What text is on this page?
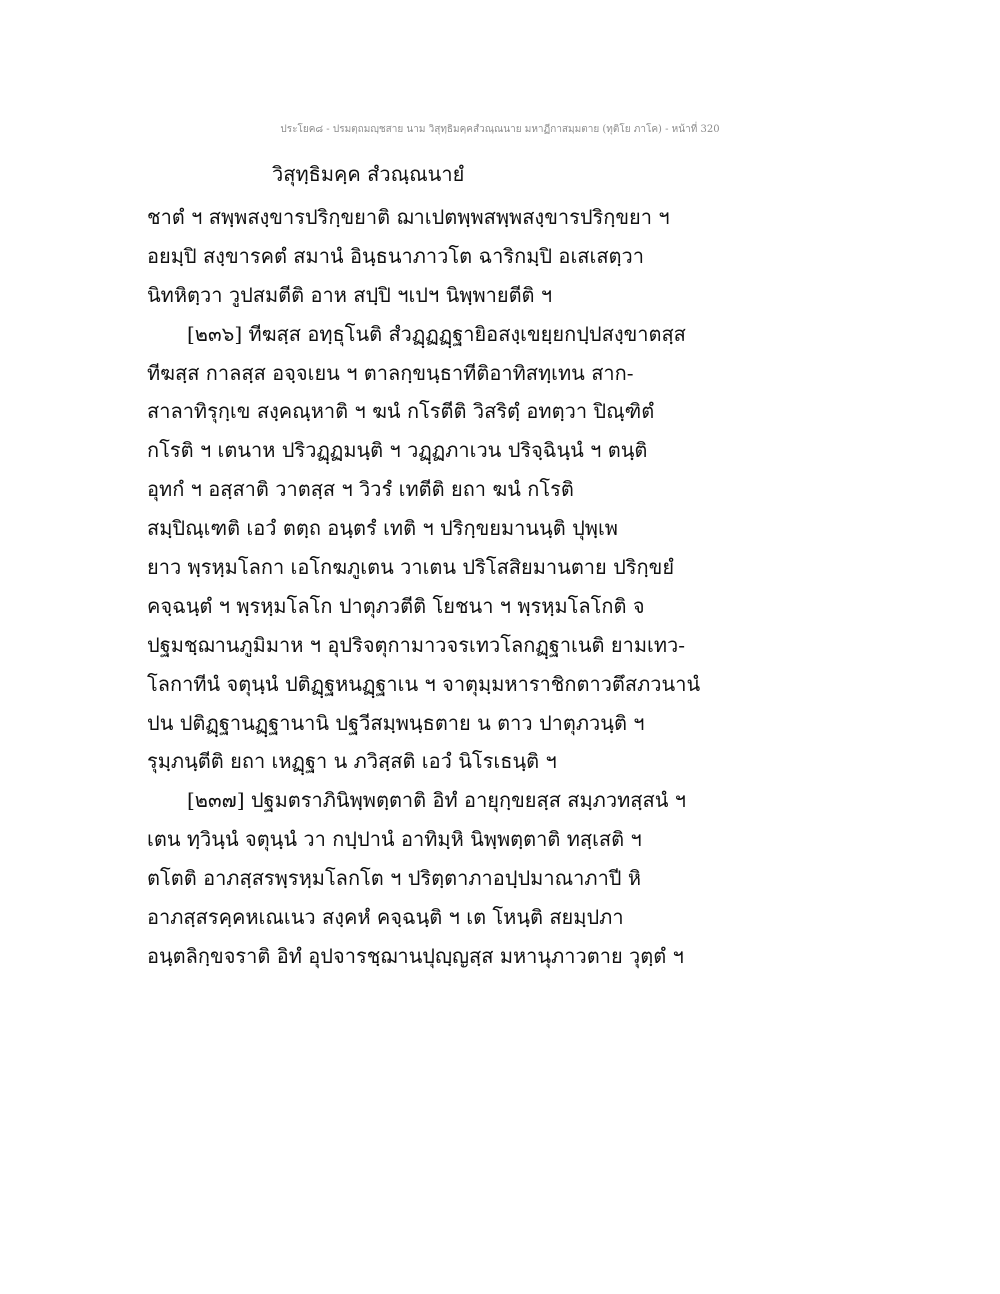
ประโยค๘ - ปรมตฺถมญฺชสาย นาม วิสุทฺธิมคฺคสํวณฺณนาย มหาฏีกาสมฺมตาย (ทุติโย ภาโค) - หน้าที่ 320
วิสุทฺธิมคฺค สํวณฺณนายํ
ชาตํ ฯ สพฺพสงฺขารปริกฺขยาติ ฌาเปตพฺพสพฺพสงฺขารปริกฺขยา ฯ
อยมฺปิ สงฺขารคตํ สมานํ อินฺธนาภาวโต ฉาริกมฺปิ อเสเสตฺวา
นิทหิตฺวา วูปสมตีติ อาห สปฺปิ ฯเปฯ นิพฺพายตีติ ฯ
[๒๓๖] ทีฆสฺส อทฺธุโนติ สํวฏฺฏฏฺฐายิอสงฺเขยฺยกปฺปสงฺขาตสฺส
ทีฆสฺส กาลสฺส อจฺจเยน ฯ ตาลกฺขนฺธาทีติอาทิสทฺเทน สาก-
สาลาทิรุกฺเข สงฺคณฺหาติ ฯ ฆนํ กโรตีติ วิสริตฺํ อทตฺวา ปิณฺฑิตํ
กโรติ ฯ เตนาห ปริวฏฺฏมนฺติ ฯ วฏฺฏภาเวน ปริจฺฉินฺนํ ฯ ตนฺติ
อุทกํ ฯ อสฺสาติ วาตสฺส ฯ วิวรํ เทตีติ ยถา ฆนํ กโรติ
สมฺปิณฺเฑติ เอวํ ตตฺถ อนฺตรํ เทติ ฯ ปริกฺขยมานนฺติ ปุพฺเพ
ยาว พฺรหฺมโลกา เอโกฆภูเตน วาเตน ปริโสสิยมานตาย ปริกฺขยํ
คจฺฉนฺตํ ฯ พฺรหฺมโลโก ปาตุภวตีติ โยชนา ฯ พฺรหฺมโลโกติ จ
ปฐมชฺฌานภูมิมาห ฯ อุปริจตุกามาวจรเทวโลกฏฺฐาเนติ ยามเทว-
โลกาทีนํ จตุนฺนํ ปติฏฺฐหนฏฺฐาเน ฯ จาตุมฺมหาราชิกตาวตึสภวนานํ
ปน ปติฏฺฐานฏฺฐานานิ ปฐวีสมฺพนฺธตาย น ตาว ปาตุภวนฺติ ฯ
รุมฺภนฺตีติ ยถา เหฏฺฐา น ภวิสฺสติ เอวํ นิโรเธนฺติ ฯ
[๒๓๗] ปฐมตราภินิพฺพตฺตาติ อิทํ อายุกฺขยสฺส สมฺภวทสฺสนํ ฯ
เตน ทฺวินฺนํ จตุนฺนํ วา กปฺปานํ อาทิมฺหิ นิพฺพตฺตาติ ทสฺเสติ ฯ
ตโตติ อาภสฺสรพฺรหฺมโลกโต ฯ ปริตฺตาภาอปฺปมาณาภาปี หิ
อาภสฺสรคฺคหเณเนว สงฺคหํ คจฺฉนฺติ ฯ เต โหนฺติ สยมฺปภา
อนฺตลิกฺขจราติ อิทํ อุปจารชฺฌานปุญฺญสฺส มหานุภาวตาย วุตฺตํ ฯ
